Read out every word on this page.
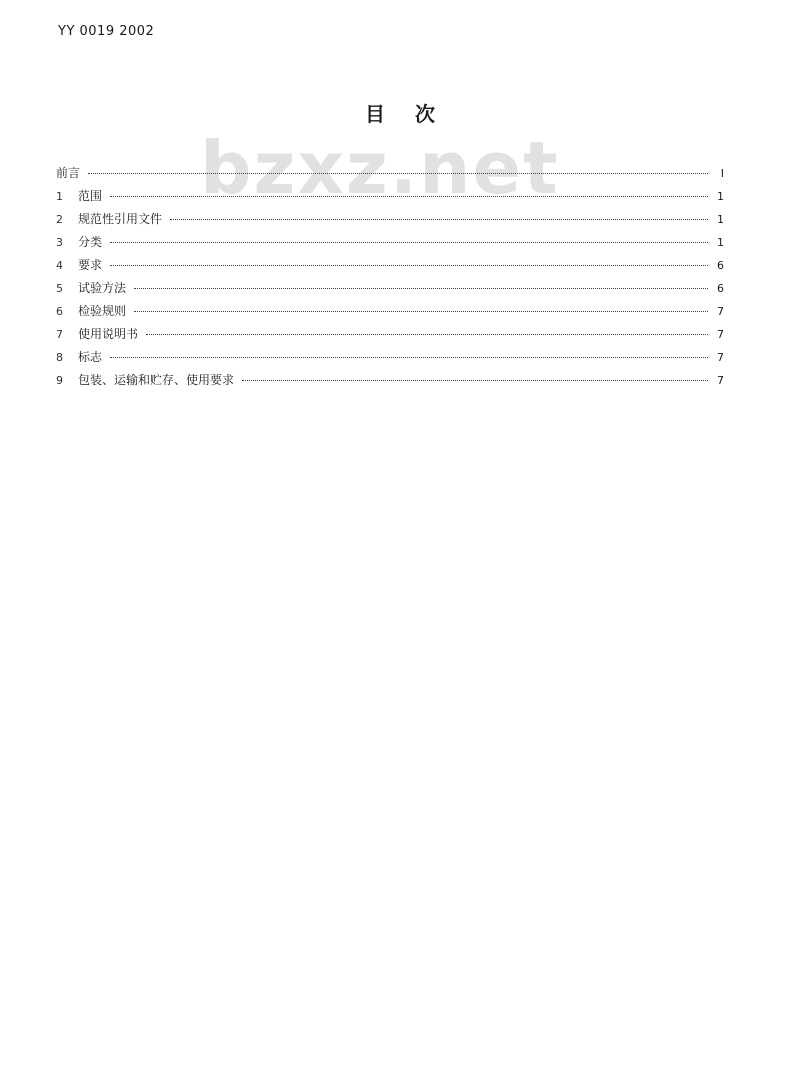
YY 0019 2002
bzxz.net
目 次
前言	I
1	范围	1
2	规范性引用文件	1
3	分类	1
4	要求	6
5	试验方法	6
6	检验规则	7
7	使用说明书	7
8	标志	7
9	包装、运输和贮存、使用要求	7
